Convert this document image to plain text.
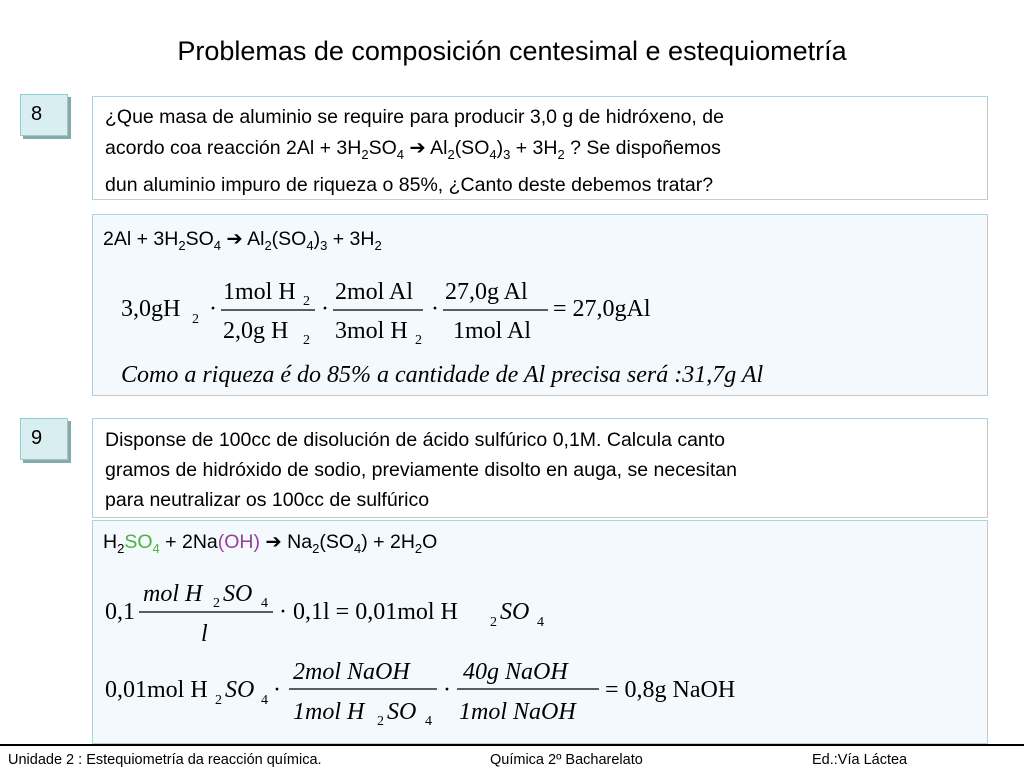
Problemas de composición centesimal e estequiometría
8	¿Que masa de aluminio se require para producir 3,0 g de hidróxeno, de
acordo coa reacción $2Al + 3H_2SO_4$ ➔ $Al_2(SO_4)_3 + 3H_2$ ? Se dispoñemos
dun aluminio impuro de riqueza o 85%, ¿Canto deste debemos tratar?
$2Al + 3H_2SO_4$ ➔ $Al_2(SO_4)_3 + 3H_2$
3,0gH 2 ·
1mol H 2
2,0g H 2
·
2mol Al
3mol H 2
·
27,0g Al
1mol Al
= 27,0gAl
Como a riqueza é do 85% a cantidade de Al precisa será :31,7g Al
9	Disponse de 100cc de disolución de ácido sulfúrico 0,1M. Calcula canto
gramos de hidróxido de sodio, previamente disolto en auga, se necesitan
para neutralizar os 100cc de sulfúrico
$H_2SO_4 + 2Na(OH)$ ➔ $Na_2(SO_4) + 2H_2O$
0,1
mol H 2 SO 4
l
· 0,1l = 0,01mol H 2 SO 4
0,01mol H 2 SO 4 ·
2mol NaOH
1mol H 2 SO 4
·
40g NaOH
1mol NaOH
= 0,8g NaOH
Unidade 2 : Estequiometría da reacción química.	Química 2º Bacharelato	Ed.:Vía Láctea
